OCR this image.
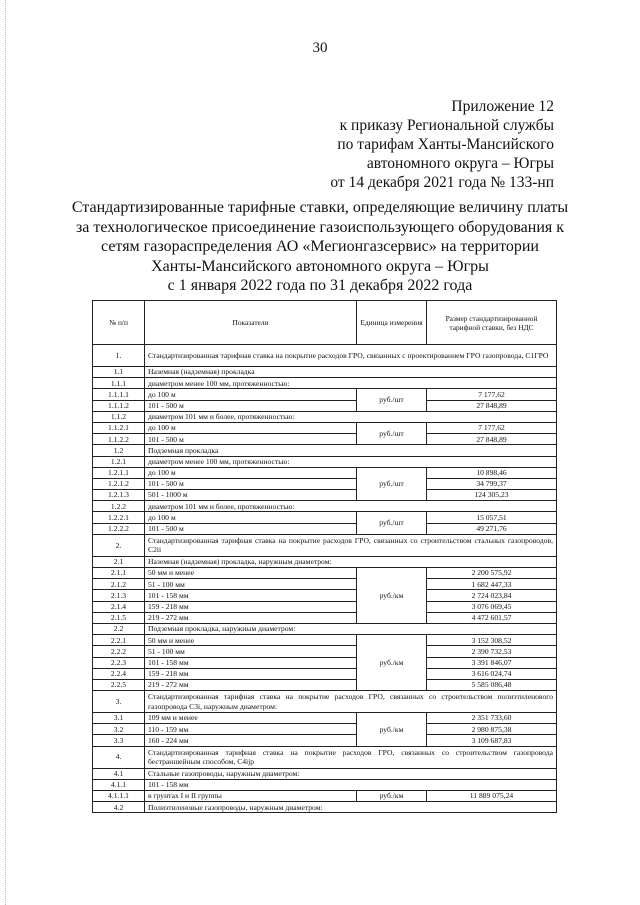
30
Приложение 12
к приказу Региональной службы
по тарифам Ханты-Мансийского
автономного округа – Югры
от 14 декабря 2021 года № 133-нп
Стандартизированные тарифные ставки, определяющие величину платы
за технологическое присоединение газоиспользующего оборудования к
сетям газораспределения АО «Мегионгазсервис» на территории
Ханты-Мансийского автономного округа – Югры
с 1 января 2022 года по 31 декабря 2022 года
№ п/п	Показатели	Единица измерения	Размер стандартизированной тарифной ставки, без НДС
1.	Стандартизированная тарифная ставка на покрытие расходов ГРО, связанных с проектированием ГРО газопровода, C1ГРО		
1.1	Наземная (надземная) прокладка		
1.1.1	диаметром менее 100 мм, протяженностью:		
1.1.1.1	до 100 м	руб./шт	7 177,62
1.1.1.2	101 - 500 м		27 848,89
1.1.2	диаметром 101 мм и более, протяженностью:		
1.1.2.1	до 100 м	руб./шт	7 177,62
1.1.2.2	101 - 500 м		27 848,89
1.2	Подземная прокладка		
1.2.1	диаметром менее 100 мм, протяженностью:		
1.2.1.1	до 100 м	руб./шт	10 898,46
1.2.1.2	101 - 500 м		34 799,37
1.2.1.3	501 - 1000 м		124 305,23
1.2.2	диаметром 101 мм и более, протяженностью:		
1.2.2.1	до 100 м	руб./шт	15 057,51
1.2.2.2	101 - 500 м		49 271,76
2.	Стандартизированная тарифная ставка на покрытие расходов ГРО, связанных со строительством стальных газопроводов, C2ii		
2.1	Наземная (надземная) прокладка, наружным диаметром:		
2.1.1	50 мм и менее	руб./км	2 200 575,92
2.1.2	51 - 100 мм		1 682 447,33
2.1.3	101 - 158 мм		2 724 023,84
2.1.4	159 - 218 мм		3 076 069,45
2.1.5	219 - 272 мм		4 472 601,57
2.2	Подземная прокладка, наружным диаметром:		
2.2.1	50 мм и менее	руб./км	3 152 308,52
2.2.2	51 - 100 мм		2 390 732,53
2.2.3	101 - 158 мм		3 391 846,07
2.2.4	159 - 218 мм		3 616 024,74
2.2.5	219 - 272 мм		5 585 086,48
3.	Стандартизированная тарифная ставка на покрытие расходов ГРО, связанных со строительством полиэтиленового газопровода C3i, наружным диаметром:		
3.1	109 мм и менее	руб./км	2 351 733,60
3.2	110 - 159 мм		2 980 875,38
3.3	160 - 224 мм		3 109 687,83
4.	Стандартизированная тарифная ставка на покрытие расходов ГРО, связанных со строительством газопровода бестраншейным способом, C4ijp		
4.1	Стальные газопроводы, наружным диаметром:		
4.1.1	101 - 158 мм		
4.1.1.1	в грунтах I и II группы	руб./км	11 889 075,24
4.2	Полиэтиленовые газопроводы, наружным диаметром:		
